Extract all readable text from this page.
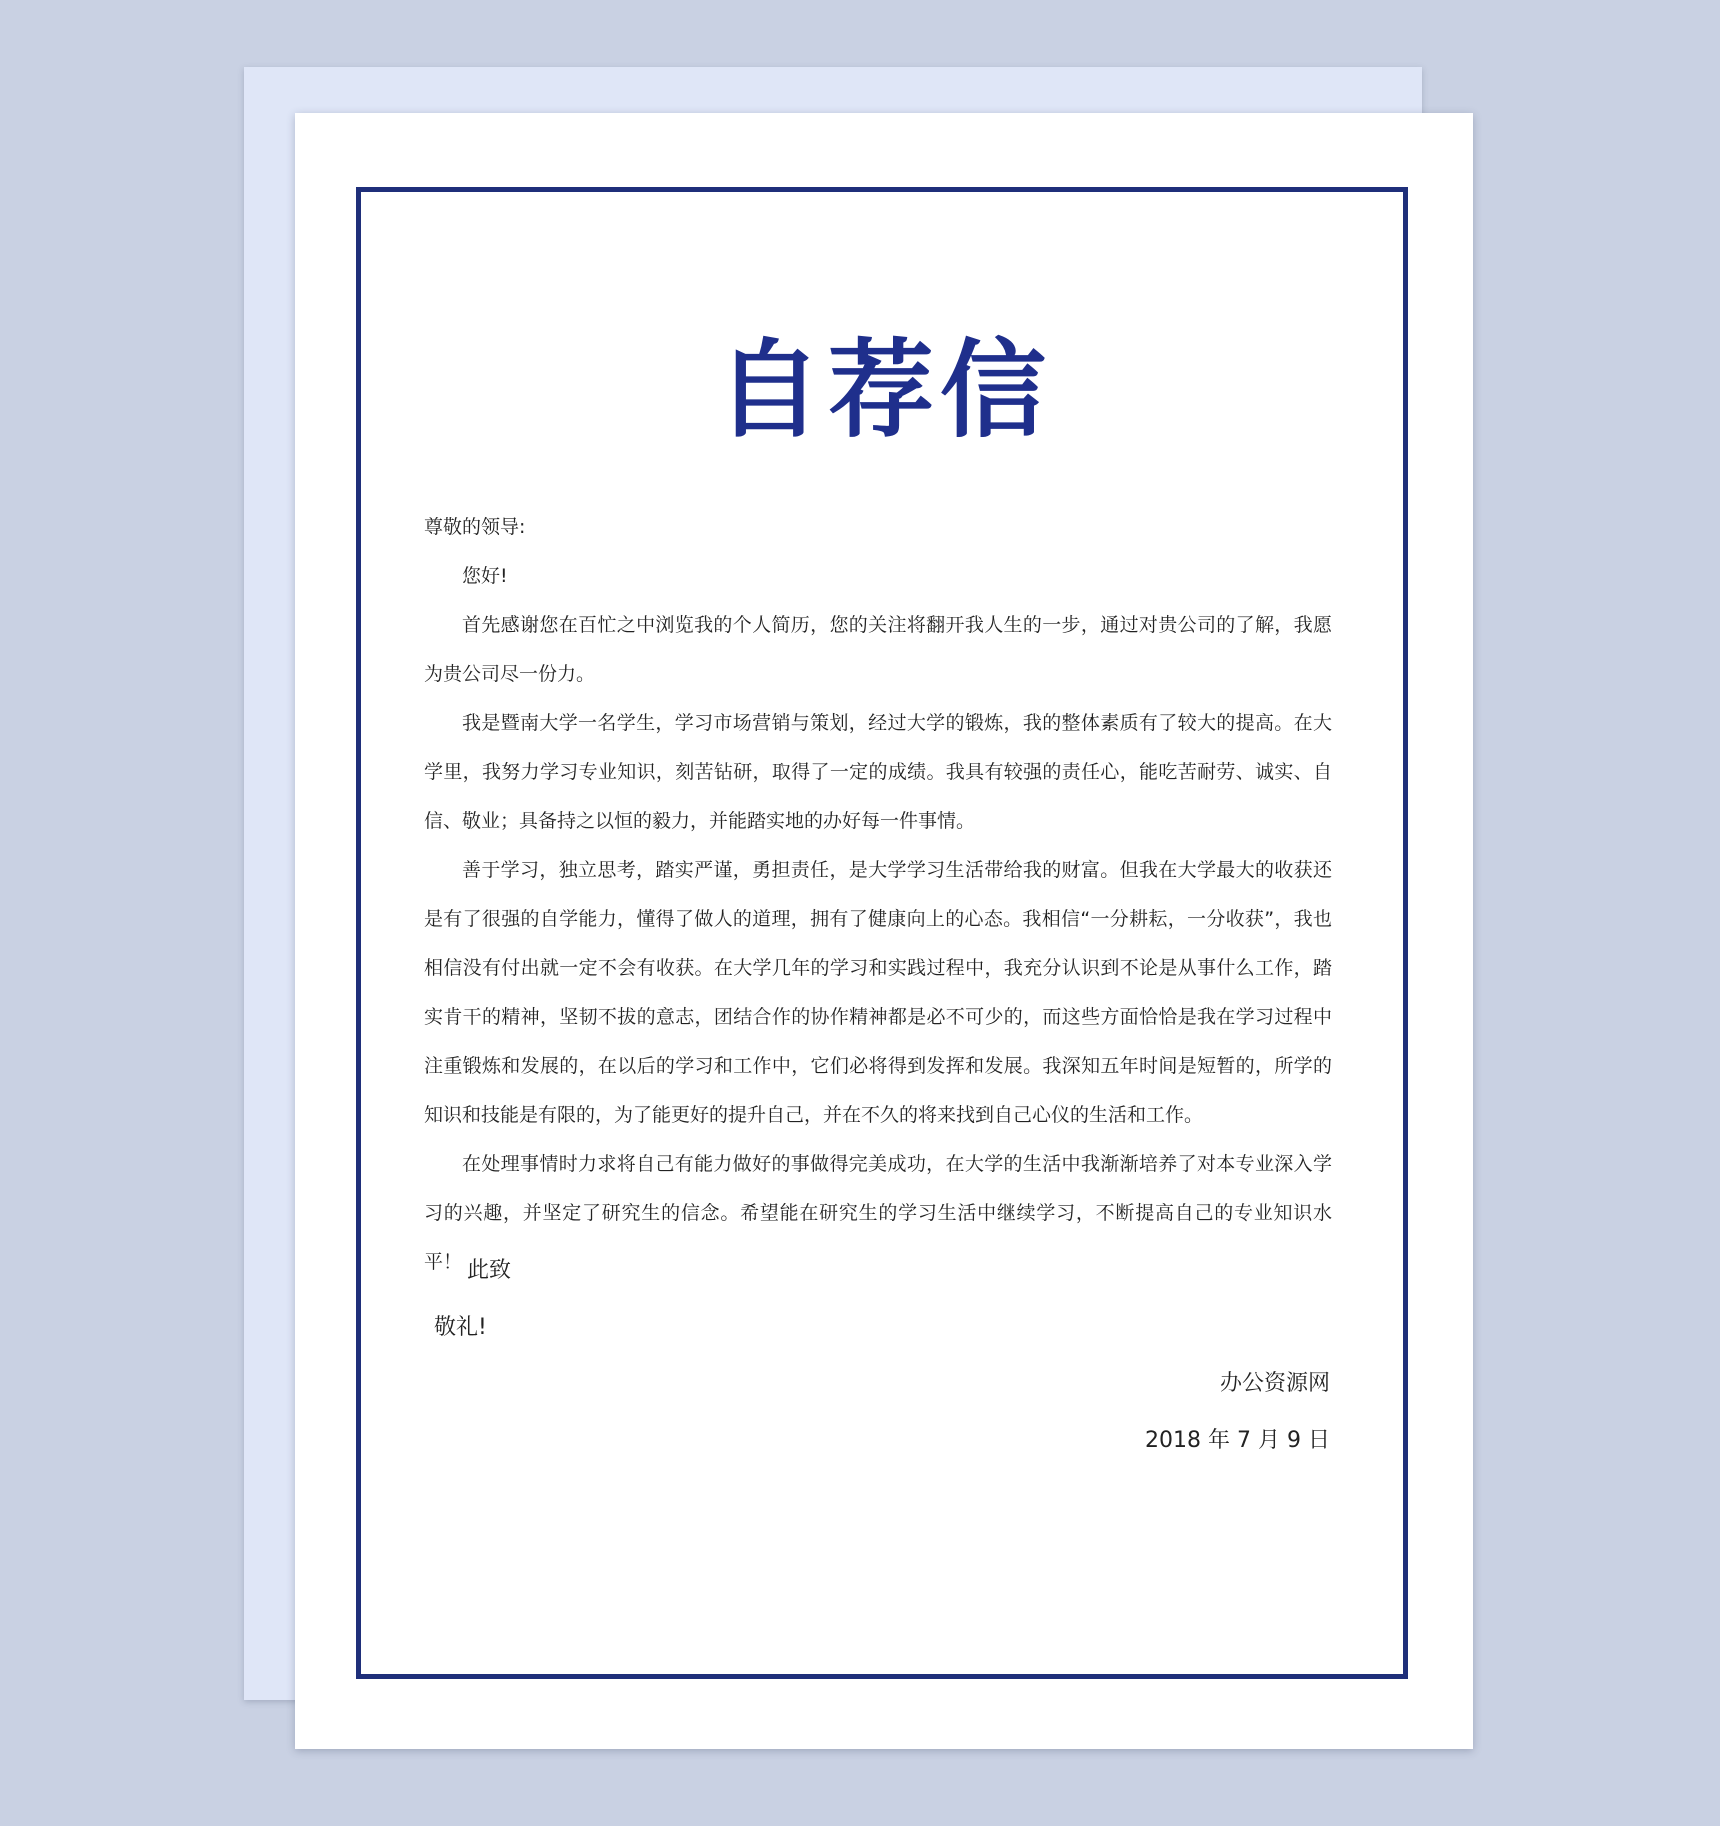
自荐信

尊敬的领导:

您好!

首先感谢您在百忙之中浏览我的个人简历，您的关注将翻开我人生的一步，通过对贵公司的了解，我愿为贵公司尽一份力。

我是暨南大学一名学生，学习市场营销与策划，经过大学的锻炼，我的整体素质有了较大的提高。在大学里，我努力学习专业知识，刻苦钻研，取得了一定的成绩。我具有较强的责任心，能吃苦耐劳、诚实、自信、敬业；具备持之以恒的毅力，并能踏实地的办好每一件事情。

善于学习，独立思考，踏实严谨，勇担责任，是大学学习生活带给我的财富。但我在大学最大的收获还是有了很强的自学能力，懂得了做人的道理，拥有了健康向上的心态。我相信“一分耕耘，一分收获”，我也相信没有付出就一定不会有收获。在大学几年的学习和实践过程中，我充分认识到不论是从事什么工作，踏实肯干的精神，坚韧不拔的意志，团结合作的协作精神都是必不可少的，而这些方面恰恰是我在学习过程中注重锻炼和发展的，在以后的学习和工作中，它们必将得到发挥和发展。我深知五年时间是短暂的，所学的知识和技能是有限的，为了能更好的提升自己，并在不久的将来找到自己心仪的生活和工作。

在处理事情时力求将自己有能力做好的事做得完美成功，在大学的生活中我渐渐培养了对本专业深入学习的兴趣，并坚定了研究生的信念。希望能在研究生的学习生活中继续学习，不断提高自己的专业知识水平！ 此致
敬礼!
办公资源网
2018 年 7 月 9 日
